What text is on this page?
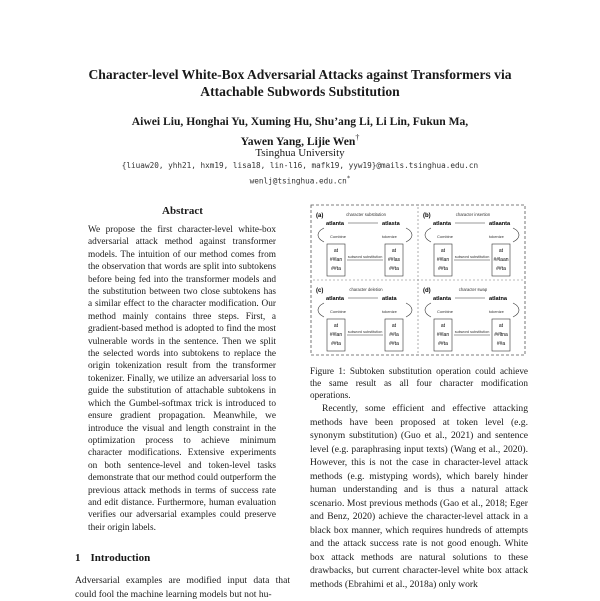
Character-level White-Box Adversarial Attacks against Transformers via
Attachable Subwords Substitution
Aiwei Liu, Honghai Yu, Xuming Hu, Shu’ang Li, Li Lin, Fukun Ma,
Yawen Yang, Lijie Wen†
Tsinghua University
{liuaw20, yhh21, hxm19, lisa18, lin-l16, mafk19, yyw19}@mails.tsinghua.edu.cn
wenlj@tsinghua.edu.cn*
Abstract
We propose the first character-level white-box adversarial attack method against transformer models. The intuition of our method comes from the observation that words are split into subtokens before being fed into the transformer models and the substitution between two close subtokens has a similar effect to the character modification. Our method mainly contains three steps. First, a gradient-based method is adopted to find the most vulnerable words in the sentence. Then we split the selected words into subtokens to replace the origin tokenization result from the transformer tokenizer. Finally, we utilize an adversarial loss to guide the substitution of attachable subtokens in which the Gumbel-softmax trick is introduced to ensure gradient propagation. Meanwhile, we introduce the visual and length constraint in the optimization process to achieve minimum character modifications. Extensive experiments on both sentence-level and token-level tasks demonstrate that our method could outperform the previous attack methods in terms of success rate and edit distance. Furthermore, human evaluation verifies our adversarial examples could preserve their origin labels.
1 Introduction
Adversarial examples are modified input data that could fool the machine learning models but not hu-
(a)	character substitution
atlanta	atlasta
Combine	tokenize
at
##lan
##ta
at
##las
##ta
subword substitution
(b)	character insertion
atlanta	atlaanta
Combine	tokenize
at
##lan
##ta
at
##laan
##ta
subword substitution
(c)	character deletion
atlanta	atlata
Combine	tokenize
at
##lan
##ta
at
##la
##ta
subword substitution
(d)	character swap
atlanta	atlatna
Combine	tokenize
at
##lan
##ta
at
##ltna
##a
subword substitution
Figure 1: Subtoken substitution operation could achieve the same result as all four character modification operations.
Recently, some efficient and effective attacking methods have been proposed at token level (e.g. synonym substitution) (Guo et al., 2021) and sentence level (e.g. paraphrasing input texts) (Wang et al., 2020). However, this is not the case in character-level attack methods (e.g. mistyping words), which barely hinder human understanding and is thus a natural attack scenario. Most previous methods (Gao et al., 2018; Eger and Benz, 2020) achieve the character-level attack in a black box manner, which requires hundreds of attempts and the attack success rate is not good enough. White box attack methods are natural solutions to these drawbacks, but current character-level white box attack methods (Ebrahimi et al., 2018a) only work
